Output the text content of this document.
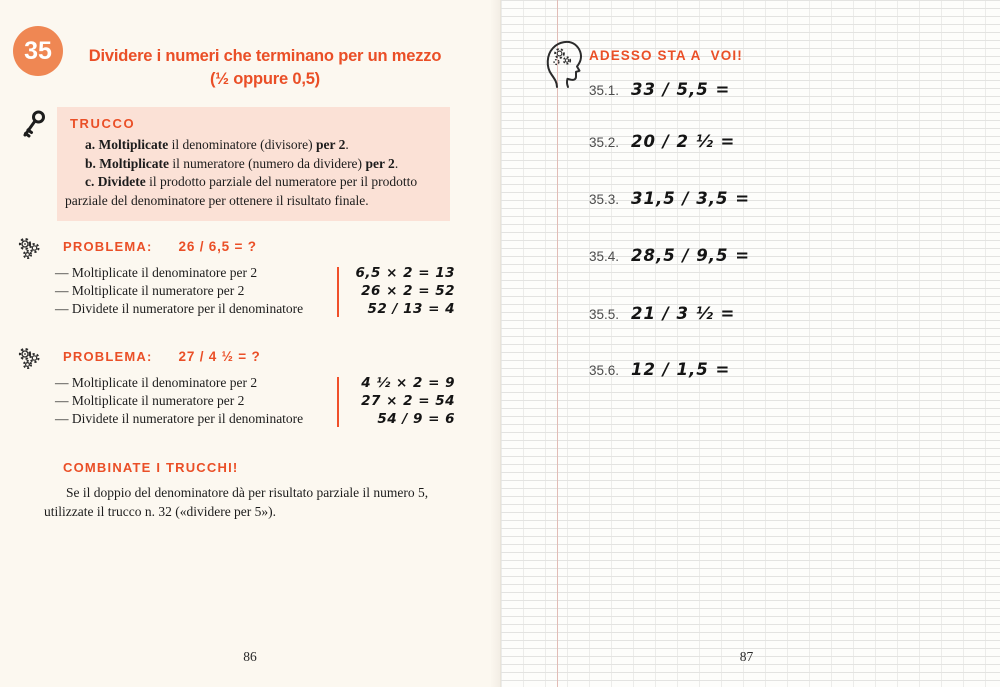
35	Dividere i numeri che terminano per un mezzo
(½ oppure 0,5)
TRUCCO

a. Moltiplicate il denominatore (divisore) per 2.

b. Moltiplicate il numeratore (numero da dividere) per 2.

c. Dividete il prodotto parziale del numeratore per il prodotto parziale del denominatore per ottenere il risultato finale.

PROBLEMA: 26 / 6,5 = ?
— Moltiplicate il denominatore per 2	6,5 × 2 = 13
— Moltiplicate il numeratore per 2	26 × 2 = 52
— Dividete il numeratore per il denominatore	52 / 13 = 4
PROBLEMA: 27 / 4 ½ = ?
— Moltiplicate il denominatore per 2	4 ½ × 2 = 9
— Moltiplicate il numeratore per 2	27 × 2 = 54
— Dividete il numeratore per il denominatore	54 / 9 = 6
COMBINATE I TRUCCHI!

Se il doppio del denominatore dà per risultato parziale il numero 5, utilizzate il trucco n. 32 («dividere per 5»).

86
ADESSO STA A  VOI!
35.1. 33 / 5,5 =
35.2. 20 / 2 ½ =
35.3. 31,5 / 3,5 =
35.4. 28,5 / 9,5 =
35.5. 21 / 3 ½ =
35.6. 12 / 1,5 =
87
